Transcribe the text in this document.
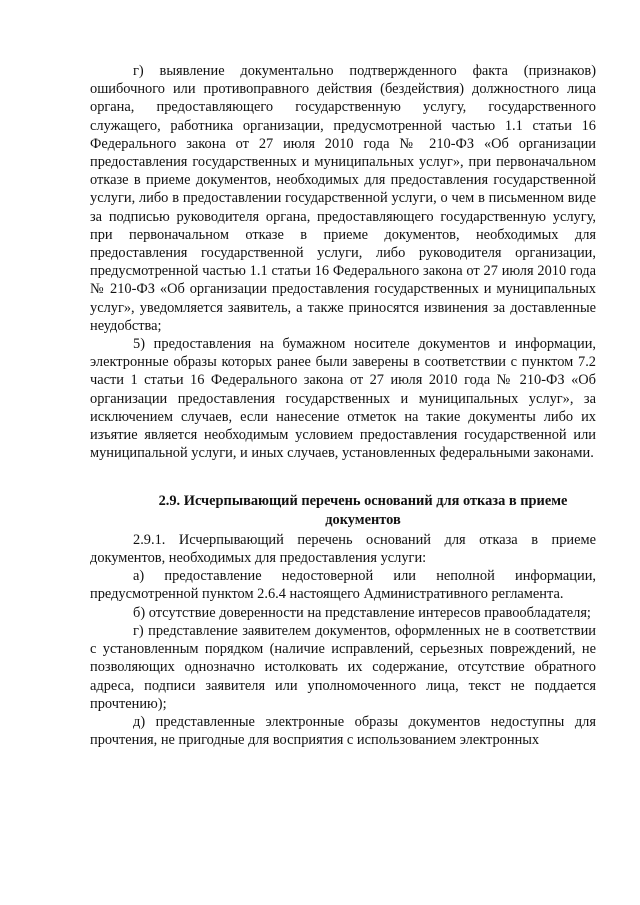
г) выявление документально подтвержденного факта (признаков) ошибочного или противоправного действия (бездействия) должностного лица органа, предоставляющего государственную услугу, государственного служащего, работника организации, предусмотренной частью 1.1 статьи 16 Федерального закона от 27 июля 2010 года № 210-ФЗ «Об организации предоставления государственных и муниципальных услуг», при первоначальном отказе в приеме документов, необходимых для предоставления государственной услуги, либо в предоставлении государственной услуги, о чем в письменном виде за подписью руководителя органа, предоставляющего государственную услугу, при первоначальном отказе в приеме документов, необходимых для предоставления государственной услуги, либо руководителя организации, предусмотренной частью 1.1 статьи 16 Федерального закона от 27 июля 2010 года № 210-ФЗ «Об организации предоставления государственных и муниципальных услуг», уведомляется заявитель, а также приносятся извинения за доставленные неудобства;

5) предоставления на бумажном носителе документов и информации, электронные образы которых ранее были заверены в соответствии с пунктом 7.2 части 1 статьи 16 Федерального закона от 27 июля 2010 года № 210-ФЗ «Об организации предоставления государственных и муниципальных услуг», за исключением случаев, если нанесение отметок на такие документы либо их изъятие является необходимым условием предоставления государственной или муниципальной услуги, и иных случаев, установленных федеральными законами.

2.9. Исчерпывающий перечень оснований для отказа в приеме документов

2.9.1. Исчерпывающий перечень оснований для отказа в приеме документов, необходимых для предоставления услуги:

а) предоставление недостоверной или неполной информации, предусмотренной пунктом 2.6.4 настоящего Административного регламента.

б) отсутствие доверенности на представление интересов правообладателя;

г) представление заявителем документов, оформленных не в соответствии с установленным порядком (наличие исправлений, серьезных повреждений, не позволяющих однозначно истолковать их содержание, отсутствие обратного адреса, подписи заявителя или уполномоченного лица, текст не поддается прочтению);

д) представленные электронные образы документов недоступны для прочтения, не пригодные для восприятия с использованием электронных
